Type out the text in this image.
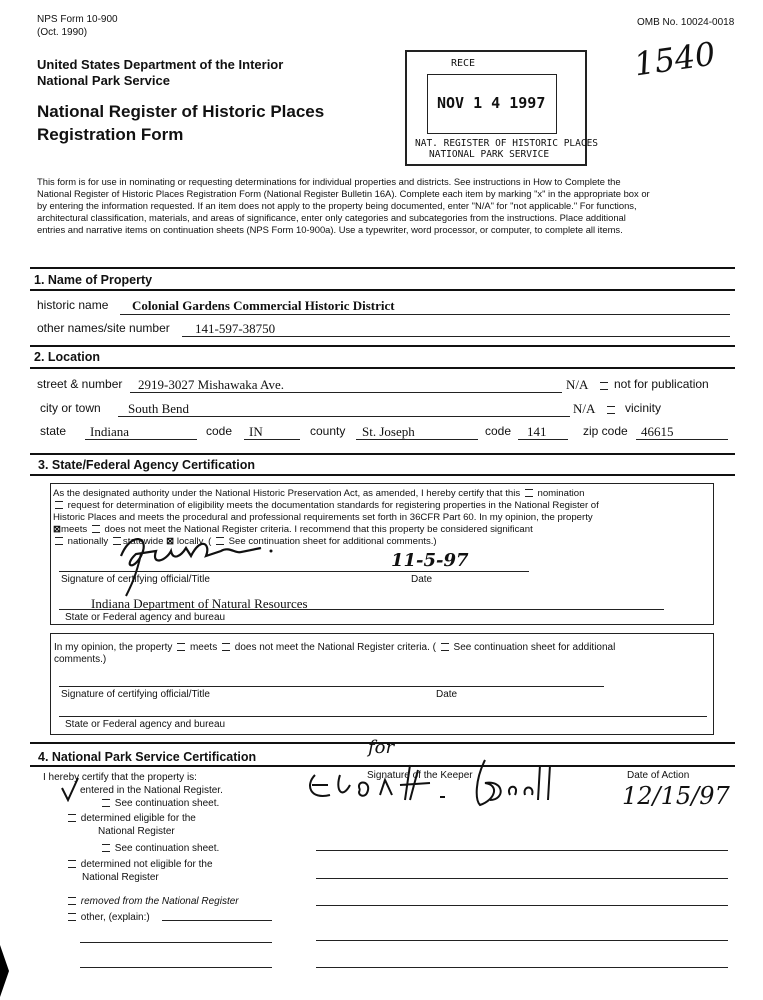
NPS Form 10-900
(Oct. 1990)
OMB No. 10024-0018
1540
United States Department of the Interior
National Park Service
National Register of Historic Places
Registration Form
RECE
NOV 1 4 1997
NAT. REGISTER OF HISTORIC PLACES
NATIONAL PARK SERVICE
This form is for use in nominating or requesting determinations for individual properties and districts. See instructions in How to Complete the
National Register of Historic Places Registration Form (National Register Bulletin 16A). Complete each item by marking "x" in the appropriate box or
by entering the information requested. If an item does not apply to the property being documented, enter "N/A" for "not applicable." For functions,
architectural classification, materials, and areas of significance, enter only categories and subcategories from the instructions. Place additional
entries and narrative items on continuation sheets (NPS Form 10-900a). Use a typewriter, word processor, or computer, to complete all items.
1. Name of Property
historic name Colonial Gardens Commercial Historic District
other names/site number 141-597-38750
2. Location
street & number 2919-3027 Mishawaka Ave.	N/A not for publication
city or town South Bend	N/A vicinity
state Indiana	code IN	county St. Joseph	code 141	zip code 46615
3. State/Federal Agency Certification
As the designated authority under the National Historic Preservation Act, as amended, I hereby certify that this nomination
request for determination of eligibility meets the documentation standards for registering properties in the National Register of
Historic Places and meets the procedural and professional requirements set forth in 36CFR Part 60. In my opinion, the property
⊠meets does not meet the National Register criteria. I recommend that this property be considered significant
nationally statewide ⊠ locally. ( See continuation sheet for additional comments.)
11-5-97
Signature of certifying official/Title	Date
Indiana Department of Natural Resources
State or Federal agency and bureau
In my opinion, the property meets does not meet the National Register criteria. ( See continuation sheet for additional
comments.)
Signature of certifying official/Title	Date
State or Federal agency and bureau
4. National Park Service Certification
I hereby certify that the property is:
entered in the National Register.
See continuation sheet.
determined eligible for the
National Register
See continuation sheet.
determined not eligible for the
National Register
removed from the National Register
other, (explain:)
Signature of the Keeper
for
Date of Action
12/15/97
